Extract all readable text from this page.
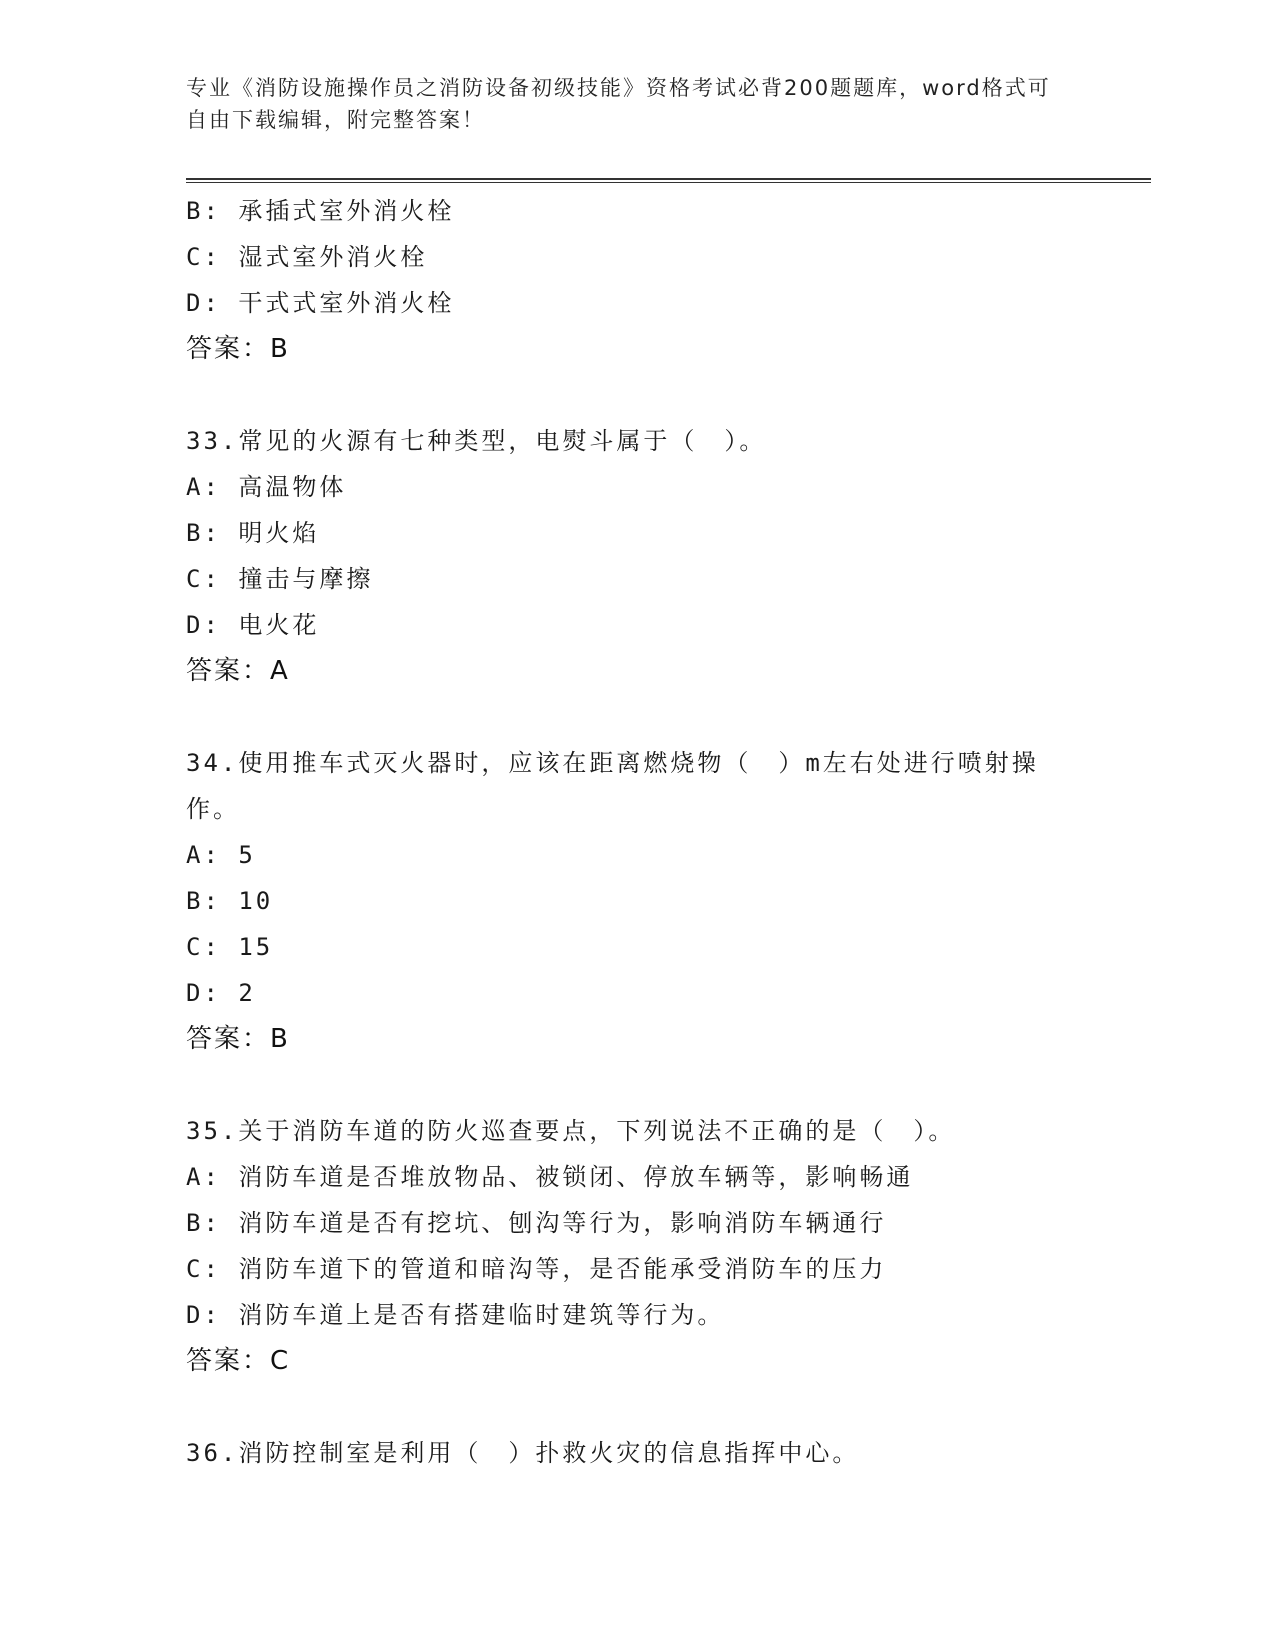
专业《消防设施操作员之消防设备初级技能》资格考试必背200题题库，word格式可自由下载编辑，附完整答案！
B: 承插式室外消火栓
C: 湿式室外消火栓
D: 干式式室外消火栓
答案：B
33.常见的火源有七种类型，电熨斗属于（　）。
A: 高温物体
B: 明火焰
C: 撞击与摩擦
D: 电火花
答案：A
34.使用推车式灭火器时，应该在距离燃烧物（　）m左右处进行喷射操作。
A: 5
B: 10
C: 15
D: 2
答案：B
35.关于消防车道的防火巡查要点，下列说法不正确的是（　）。
A: 消防车道是否堆放物品、被锁闭、停放车辆等，影响畅通
B: 消防车道是否有挖坑、刨沟等行为，影响消防车辆通行
C: 消防车道下的管道和暗沟等，是否能承受消防车的压力
D: 消防车道上是否有搭建临时建筑等行为。
答案：C
36.消防控制室是利用（　）扑救火灾的信息指挥中心。
